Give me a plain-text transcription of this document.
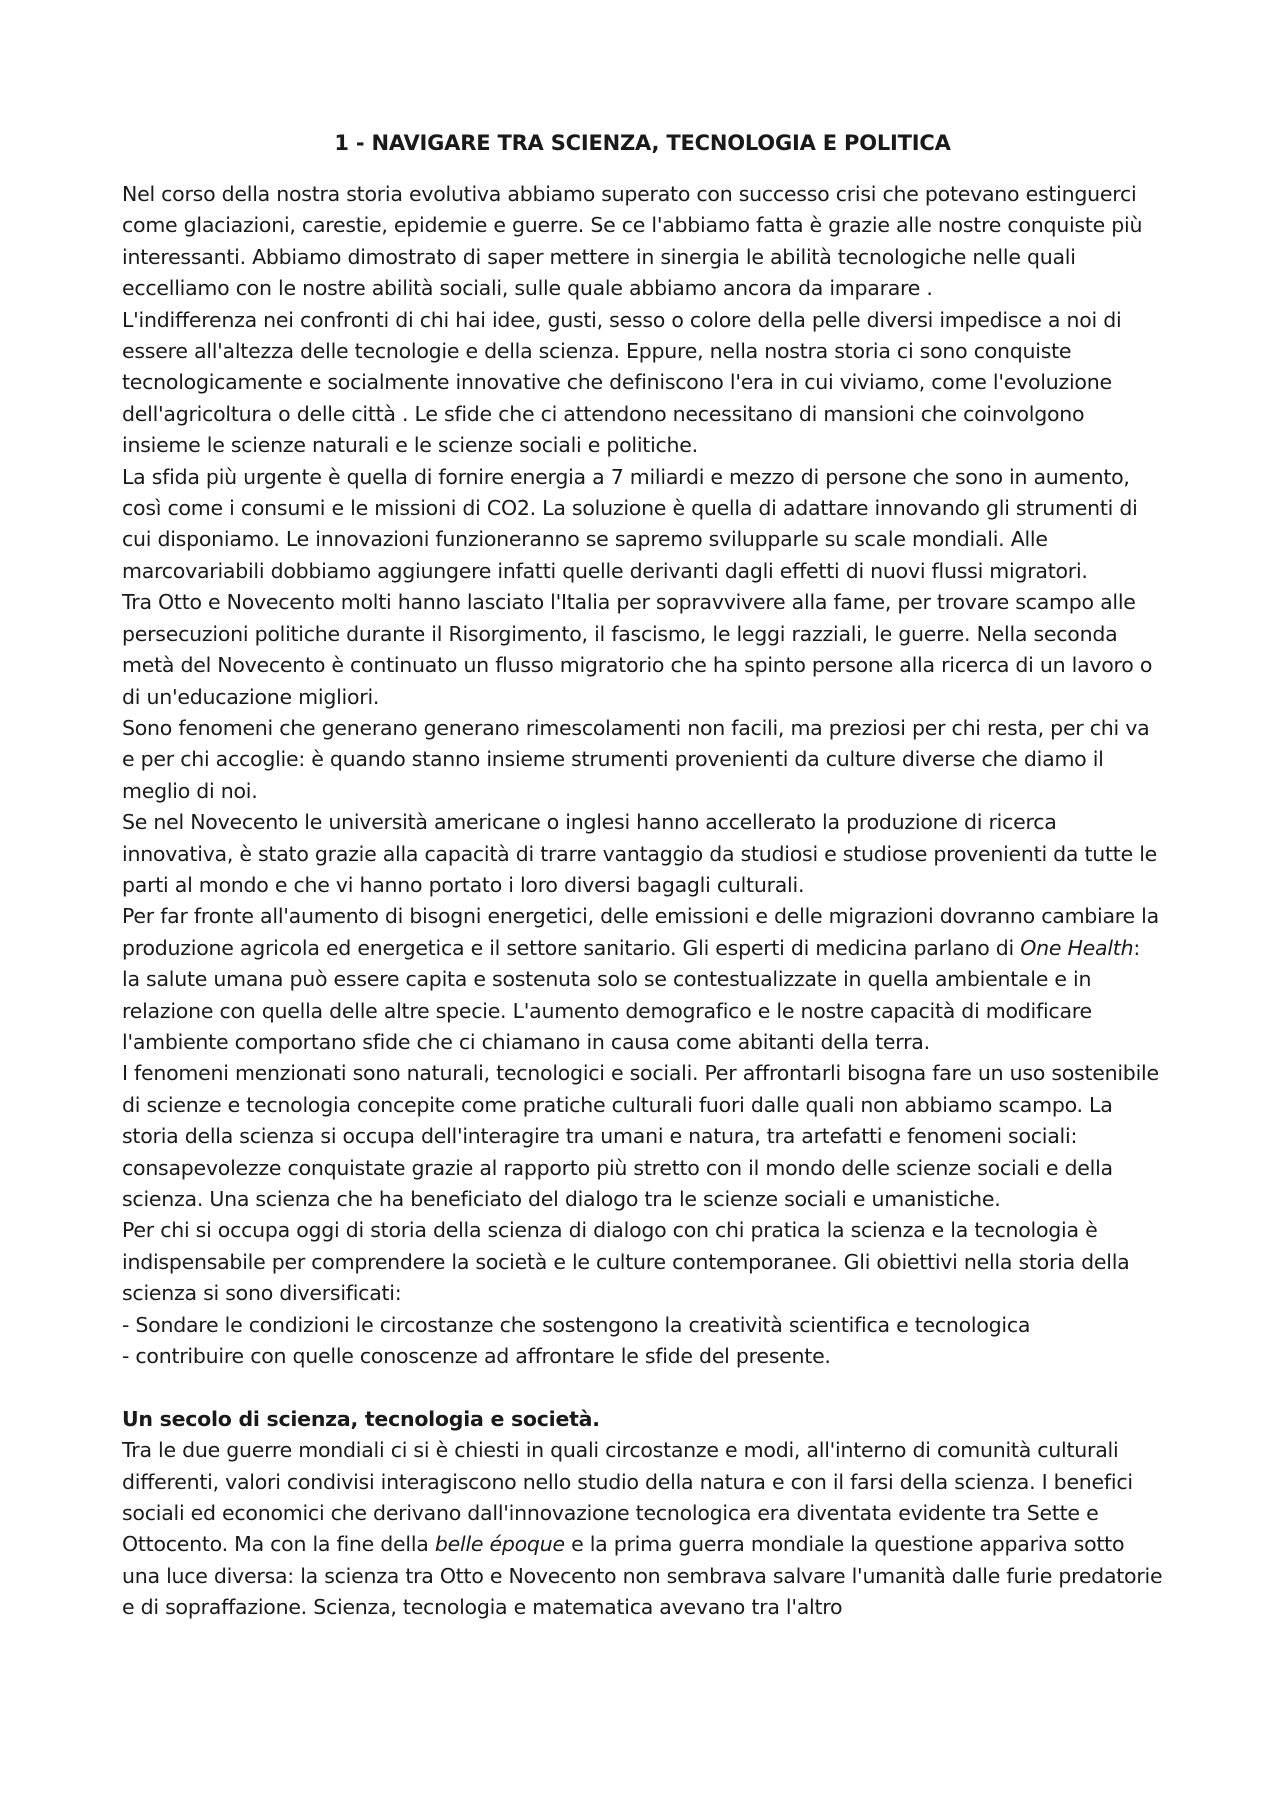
1 - NAVIGARE TRA SCIENZA, TECNOLOGIA E POLITICA

Nel corso della nostra storia evolutiva abbiamo superato con successo crisi che potevano estinguerci come glaciazioni, carestie, epidemie e guerre. Se ce l'abbiamo fatta è grazie alle nostre conquiste più interessanti. Abbiamo dimostrato di saper mettere in sinergia le abilità tecnologiche nelle quali eccelliamo con le nostre abilità sociali, sulle quale abbiamo ancora da imparare .

L'indifferenza nei confronti di chi hai idee, gusti, sesso o colore della pelle diversi impedisce a noi di essere all'altezza delle tecnologie e della scienza. Eppure, nella nostra storia ci sono conquiste tecnologicamente e socialmente innovative che definiscono l'era in cui viviamo, come l'evoluzione dell'agricoltura o delle città . Le sfide che ci attendono necessitano di mansioni che coinvolgono insieme le scienze naturali e le scienze sociali e politiche.

La sfida più urgente è quella di fornire energia a 7 miliardi e mezzo di persone che sono in aumento, così come i consumi e le missioni di CO2. La soluzione è quella di adattare innovando gli strumenti di cui disponiamo. Le innovazioni funzioneranno se sapremo svilupparle su scale mondiali. Alle marcovariabili dobbiamo aggiungere infatti quelle derivanti dagli effetti di nuovi flussi migratori.

Tra Otto e Novecento molti hanno lasciato l'Italia per sopravvivere alla fame, per trovare scampo alle persecuzioni politiche durante il Risorgimento, il fascismo, le leggi razziali, le guerre. Nella seconda metà del Novecento è continuato un flusso migratorio che ha spinto persone alla ricerca di un lavoro o di un'educazione migliori.

Sono fenomeni che generano generano rimescolamenti non facili, ma preziosi per chi resta, per chi va e per chi accoglie: è quando stanno insieme strumenti provenienti da culture diverse che diamo il meglio di noi.

Se nel Novecento le università americane o inglesi hanno accellerato la produzione di ricerca innovativa, è stato grazie alla capacità di trarre vantaggio da studiosi e studiose provenienti da tutte le parti al mondo e che vi hanno portato i loro diversi bagagli culturali.

Per far fronte all'aumento di bisogni energetici, delle emissioni e delle migrazioni dovranno cambiare la produzione agricola ed energetica e il settore sanitario. Gli esperti di medicina parlano di One Health: la salute umana può essere capita e sostenuta solo se contestualizzate in quella ambientale e in relazione con quella delle altre specie. L'aumento demografico e le nostre capacità di modificare l'ambiente comportano sfide che ci chiamano in causa come abitanti della terra.

I fenomeni menzionati sono naturali, tecnologici e sociali. Per affrontarli bisogna fare un uso sostenibile di scienze e tecnologia concepite come pratiche culturali fuori dalle quali non abbiamo scampo. La storia della scienza si occupa dell'interagire tra umani e natura, tra artefatti e fenomeni sociali: consapevolezze conquistate grazie al rapporto più stretto con il mondo delle scienze sociali e della scienza. Una scienza che ha beneficiato del dialogo tra le scienze sociali e umanistiche.

Per chi si occupa oggi di storia della scienza di dialogo con chi pratica la scienza e la tecnologia è indispensabile per comprendere la società e le culture contemporanee. Gli obiettivi nella storia della scienza si sono diversificati:

- Sondare le condizioni le circostanze che sostengono la creatività scientifica e tecnologica

- contribuire con quelle conoscenze ad affrontare le sfide del presente.

Un secolo di scienza, tecnologia e società.

Tra le due guerre mondiali ci si è chiesti in quali circostanze e modi, all'interno di comunità culturali differenti, valori condivisi interagiscono nello studio della natura e con il farsi della scienza. I benefici sociali ed economici che derivano dall'innovazione tecnologica era diventata evidente tra Sette e Ottocento. Ma con la fine della belle époque e la prima guerra mondiale la questione appariva sotto una luce diversa: la scienza tra Otto e Novecento non sembrava salvare l'umanità dalle furie predatorie e di sopraffazione. Scienza, tecnologia e matematica avevano tra l'altro
